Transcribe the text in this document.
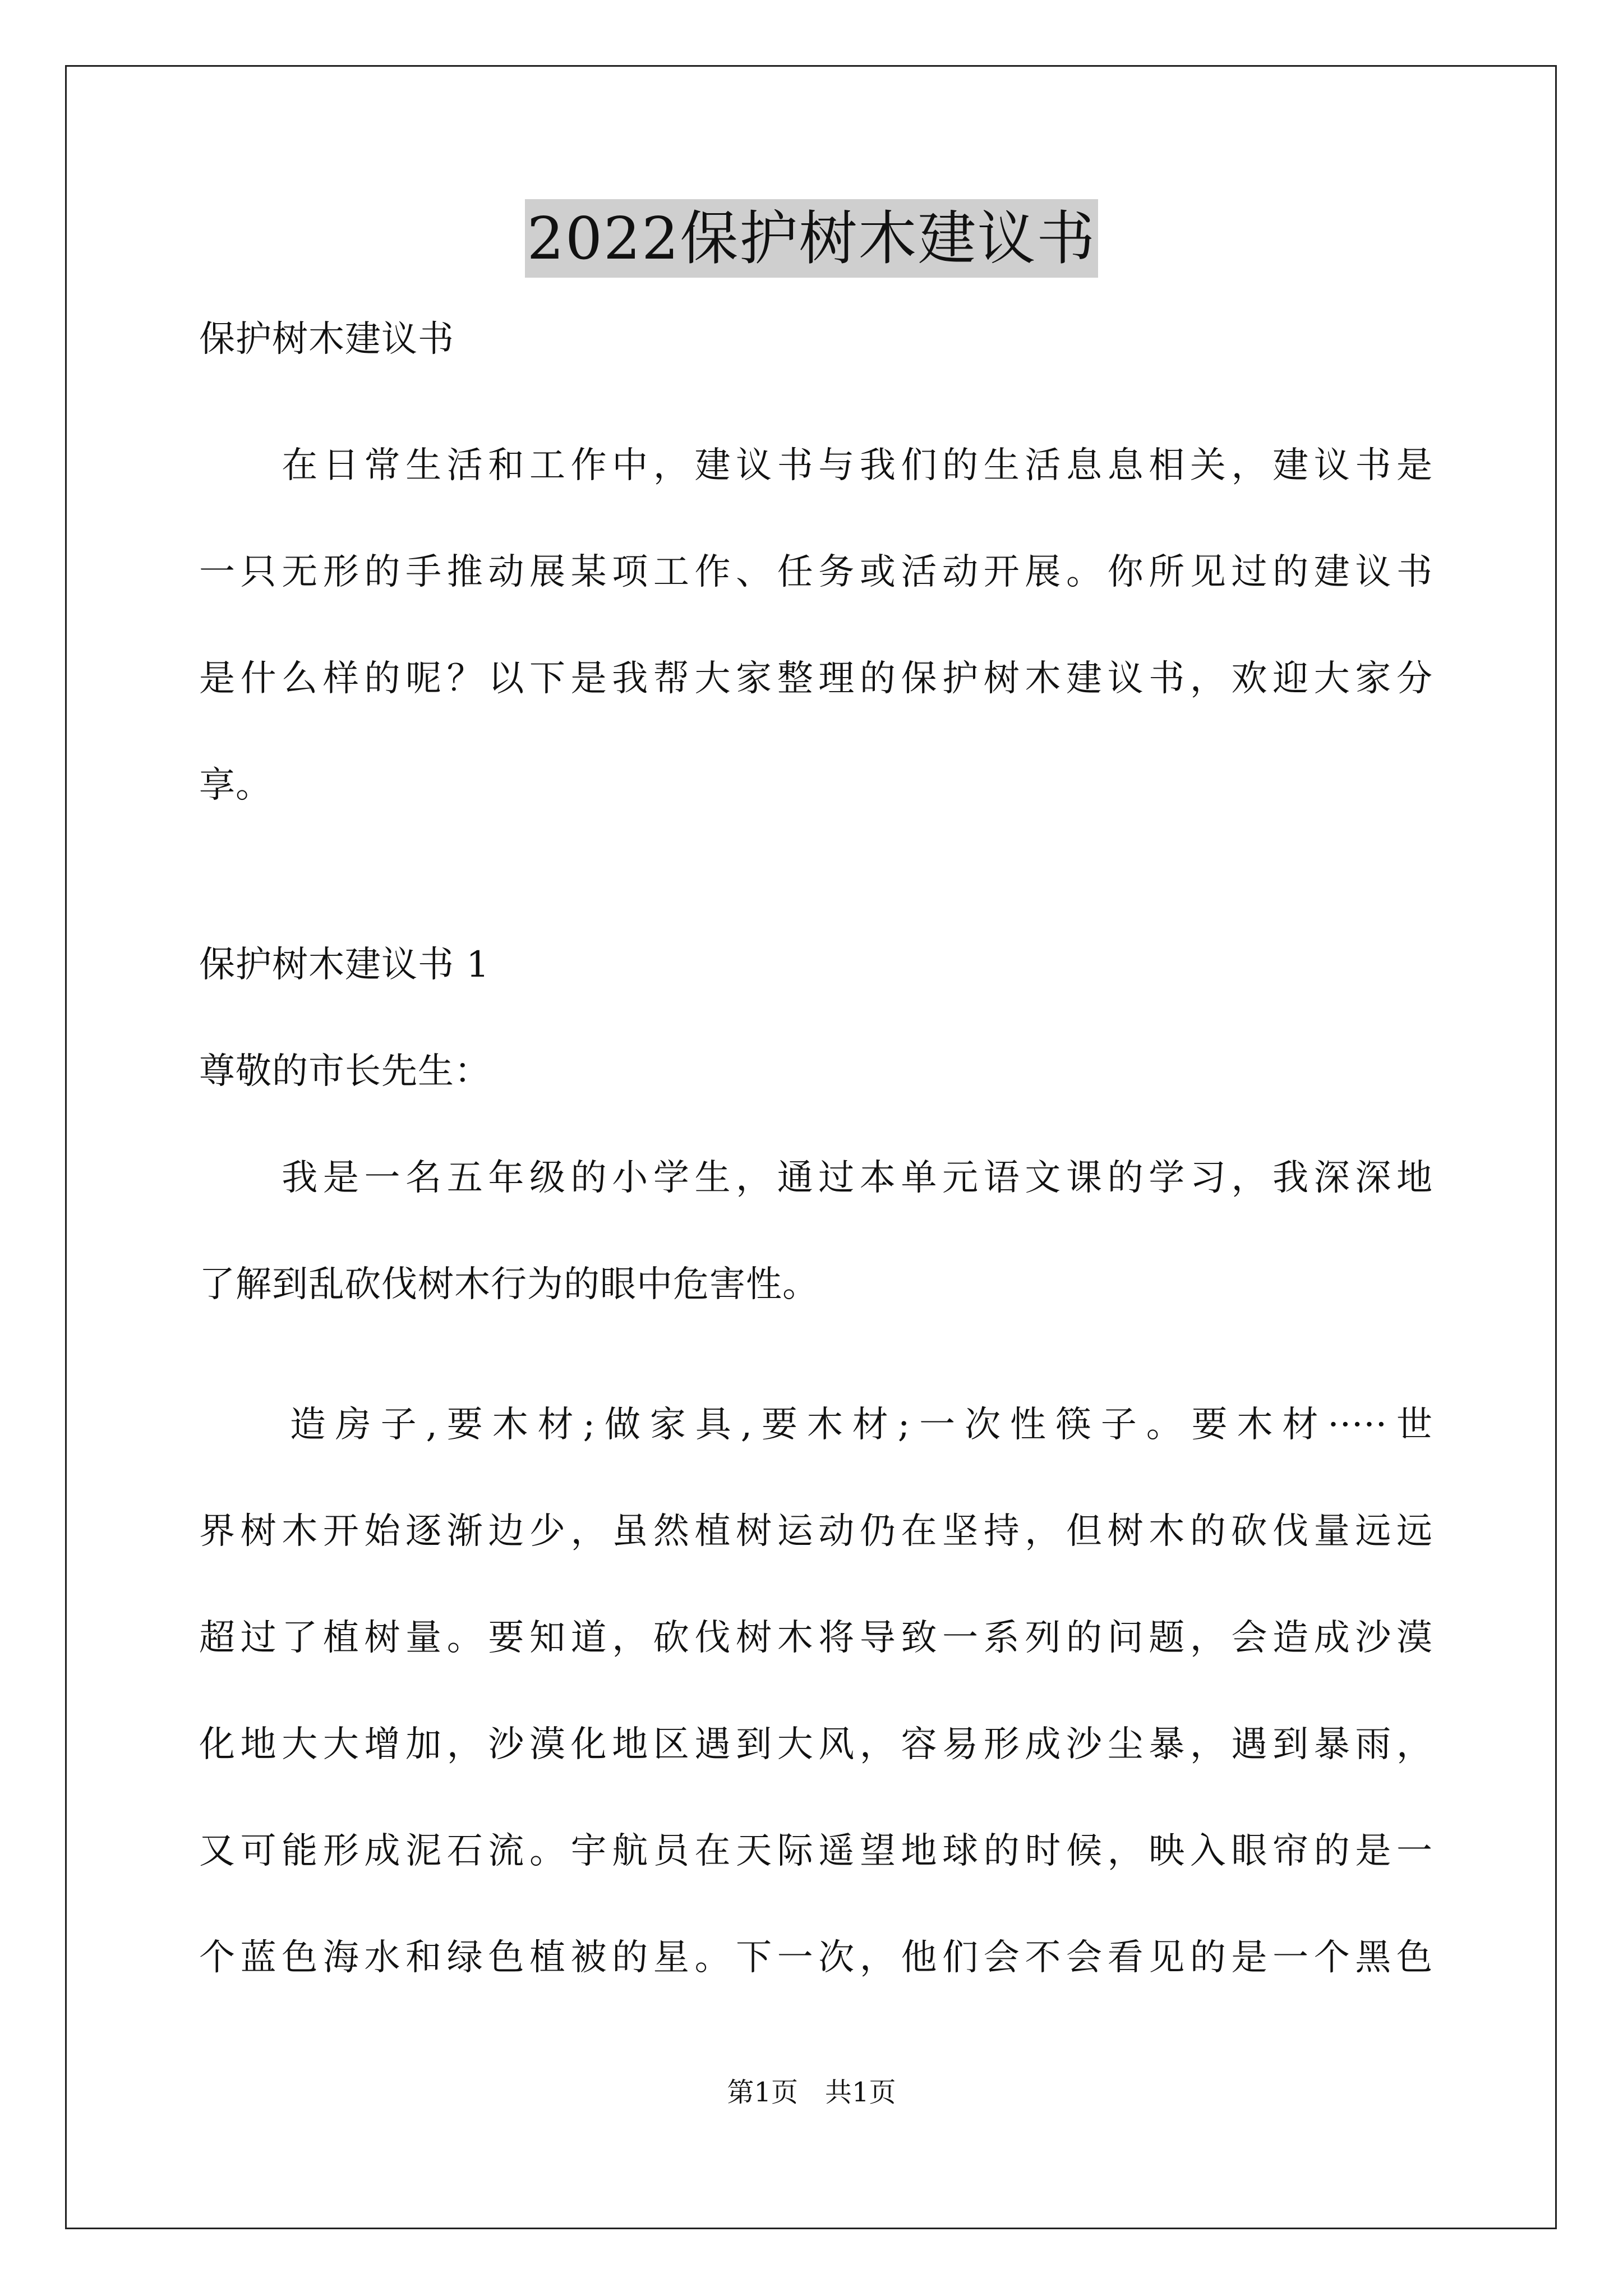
2022保护树木建议书
保护树木建议书
　　在日常生活和工作中，建议书与我们的生活息息相关，建议书是
一只无形的手推动展某项工作、任务或活动开展。你所见过的建议书
是什么样的呢？以下是我帮大家整理的保护树木建议书，欢迎大家分
享。
保护树木建议书 1
尊敬的市长先生：
　　我是一名五年级的小学生，通过本单元语文课的学习，我深深地
了解到乱砍伐树木行为的眼中危害性。
　　造房子,要木材;做家具,要木材;一次性筷子。要木材·····世
界树木开始逐渐边少，虽然植树运动仍在坚持，但树木的砍伐量远远
超过了植树量。要知道，砍伐树木将导致一系列的问题，会造成沙漠
化地大大增加，沙漠化地区遇到大风，容易形成沙尘暴，遇到暴雨，
又可能形成泥石流。宇航员在天际遥望地球的时候，映入眼帘的是一
个蓝色海水和绿色植被的星。下一次，他们会不会看见的是一个黑色
第1页　共1页
